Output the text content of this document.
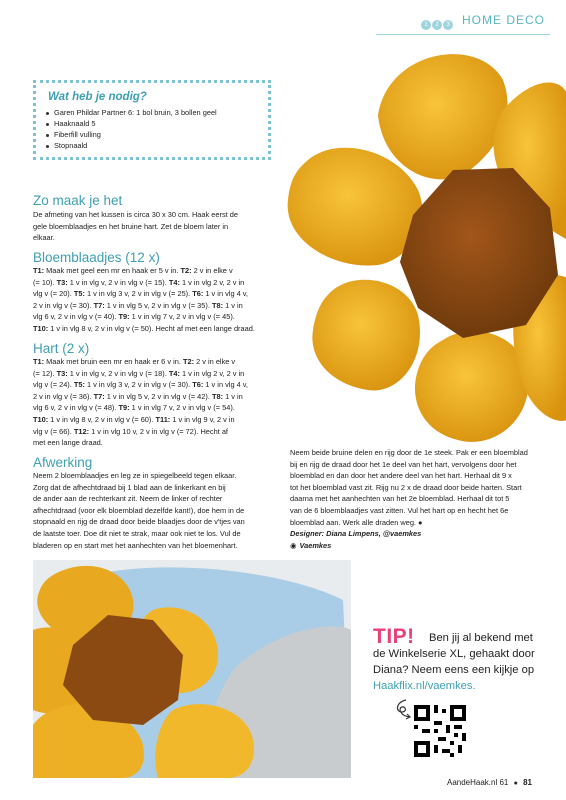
1 2 3	HOME DECO
Wat heb je nodig?
Garen Phildar Partner 6: 1 bol bruin, 3 bollen geel
Haaknaald 5
Fiberfill vulling
Stopnaald
Zo maak je het
De afmeting van het kussen is circa 30 x 30 cm. Haak eerst de
gele bloemblaadjes en het bruine hart. Zet de bloem later in
elkaar.
Bloemblaadjes (12 x)
T1: Maak met geel een mr en haak er 5 v in. T2: 2 v in elke v
(= 10). T3: 1 v in vlg v, 2 v in vlg v (= 15). T4: 1 v in vlg 2 v, 2 v in
vlg v (= 20). T5: 1 v in vlg 3 v, 2 v in vlg v (= 25). T6: 1 v in vlg 4 v,
2 v in vlg v (= 30). T7: 1 v in vlg 5 v, 2 v in vlg v (= 35). T8: 1 v in
vlg 6 v, 2 v in vlg v (= 40). T9: 1 v in vlg 7 v, 2 v in vlg v (= 45).
T10: 1 v in vlg 8 v, 2 v in vlg v (= 50). Hecht af met een lange draad.
Hart (2 x)
T1: Maak met bruin een mr en haak er 6 v in. T2: 2 v in elke v
(= 12). T3: 1 v in vlg v, 2 v in vlg v (= 18). T4: 1 v in vlg 2 v, 2 v in
vlg v (= 24). T5: 1 v in vlg 3 v, 2 v in vlg v (= 30). T6: 1 v in vlg 4 v,
2 v in vlg v (= 36). T7: 1 v in vlg 5 v, 2 v in vlg v (= 42). T8: 1 v in
vlg 6 v, 2 v in vlg v (= 48). T9: 1 v in vlg 7 v, 2 v in vlg v (= 54).
T10: 1 v in vlg 8 v, 2 v in vlg v (= 60). T11: 1 v in vlg 9 v, 2 v in
vlg v (= 66). T12: 1 v in vlg 10 v, 2 v in vlg v (= 72). Hecht af
met een lange draad.
Afwerking
Neem 2 bloemblaadjes en leg ze in spiegelbeeld tegen elkaar.
Zorg dat de afhechtdraad bij 1 blad aan de linkerkant en bij
de ander aan de rechterkant zit. Neem de linker of rechter
afhechtdraad (voor elk bloemblad dezelfde kant!), doe hem in de
stopnaald en rijg de draad door beide blaadjes door de v'tjes van
de laatste toer. Doe dit niet te strak, maar ook niet te los. Vul de
bladeren op en start met het aanhechten van het bloemenhart.
Neem beide bruine delen en rijg door de 1e steek. Pak er een bloemblad
bij en rijg de draad door het 1e deel van het hart, vervolgens door het
bloemblad en dan door het andere deel van het hart. Herhaal dit 9 x
tot het bloemblad vast zit. Rijg nu 2 x de draad door beide harten. Start
daarna met het aanhechten van het 2e bloemblad. Herhaal dit tot 5
van de 6 bloemblaadjes vast zitten. Vul het hart op en hecht het 6e
bloemblad aan. Werk alle draden weg. ●
Designer: Diana Limpens, @vaemkes
◉ Vaemkes
TIP! Ben jij al bekend met
de Winkelserie XL, gehaakt door
Diana? Neem eens een kijkje op
Haakflix.nl/vaemkes.
AandeHaak.nl 61 ● 81
